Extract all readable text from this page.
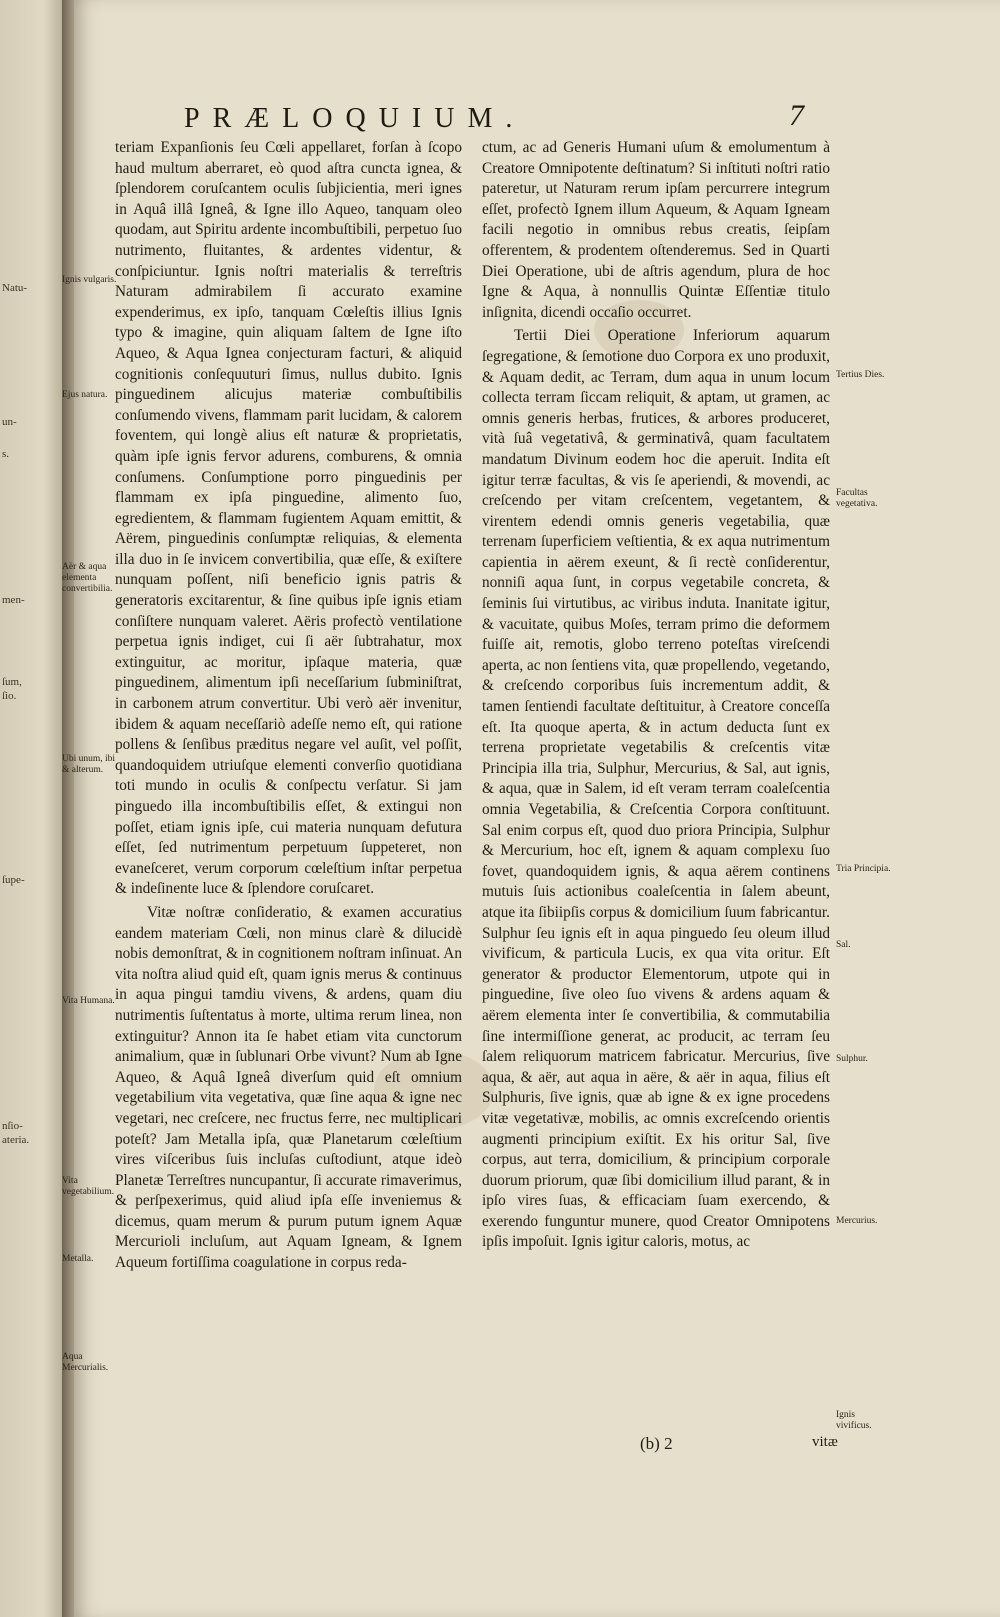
Natu-
un-
s.
men-
ſum,
ſio.
ſupe-
nſio-
ateria.
PRÆLOQUIUM.	7

teriam Expanſionis ſeu Cœli appellaret, forſan à ſcopo haud multum aberraret, eò quod aſtra cuncta ignea, & ſplendorem coruſcantem oculis ſubjicientia, meri ignes in Aquâ illâ Igneâ, & Igne illo Aqueo, tanquam oleo quodam, aut Spiritu ardente incombuſtibili, perpetuo ſuo nutrimento, fluitantes, & ardentes videntur, & conſpiciuntur. Ignis noſtri materialis & terreſtris Naturam admirabilem ſi accurato examine expenderimus, ex ipſo, tanquam Cœleſtis illius Ignis typo & imagine, quin aliquam ſaltem de Igne iſto Aqueo, & Aqua Ignea conjecturam facturi, & aliquid cognitionis conſequuturi ſimus, nullus dubito. Ignis pinguedinem alicujus materiæ combuſtibilis conſumendo vivens, flammam parit lucidam, & calorem foventem, qui longè alius eſt naturæ & proprietatis, quàm ipſe ignis fervor adurens, comburens, & omnia conſumens. Conſumptione porro pinguedinis per flammam ex ipſa pinguedine, alimento ſuo, egredientem, & flammam fugientem Aquam emittit, & Aërem, pinguedinis conſumptæ reliquias, & elementa illa duo in ſe invicem convertibilia, quæ eſſe, & exiſtere nunquam poſſent, niſi beneficio ignis patris & generatoris excitarentur, & ſine quibus ipſe ignis etiam conſiſtere nunquam valeret. Aëris profectò ventilatione perpetua ignis indiget, cui ſi aër ſubtrahatur, mox extinguitur, ac moritur, ipſaque materia, quæ pinguedinem, alimentum ipſi neceſſarium ſubminiſtrat, in carbonem atrum convertitur. Ubi verò aër invenitur, ibidem & aquam neceſſariò adeſſe nemo eſt, qui ratione pollens & ſenſibus præditus negare vel auſit, vel poſſit, quandoquidem utriuſque elementi converſio quotidiana toti mundo in oculis & conſpectu verſatur. Si jam pinguedo illa incombuſtibilis eſſet, & extingui non poſſet, etiam ignis ipſe, cui materia nunquam defutura eſſet, ſed nutrimentum perpetuum ſuppeteret, non evaneſceret, verum corporum cœleſtium inſtar perpetua & indeſinente luce & ſplendore coruſcaret.

Vitæ noſtræ conſideratio, & examen accuratius eandem materiam Cœli, non minus clarè & dilucidè nobis demonſtrat, & in cognitionem noſtram inſinuat. An vita noſtra aliud quid eſt, quam ignis merus & continuus in aqua pingui tamdiu vivens, & ardens, quam diu nutrimentis ſuſtentatus à morte, ultima rerum linea, non extinguitur? Annon ita ſe habet etiam vita cunctorum animalium, quæ in ſublunari Orbe vivunt? Num ab Igne Aqueo, & Aquâ Igneâ diverſum quid eſt omnium vegetabilium vita vegetativa, quæ ſine aqua & igne nec vegetari, nec creſcere, nec fructus ferre, nec multiplicari poteſt? Jam Metalla ipſa, quæ Planetarum cœleſtium vires viſceribus ſuis incluſas cuſtodiunt, atque ideò Planetæ Terreſtres nuncupantur, ſi accurate rimaverimus, & perſpexerimus, quid aliud ipſa eſſe inveniemus & dicemus, quam merum & purum putum ignem Aquæ Mercurioli incluſum, aut Aquam Igneam, & Ignem Aqueum fortiſſima coagulatione in corpus reda-

ctum, ac ad Generis Humani uſum & emolumentum à Creatore Omnipotente deſtinatum? Si inſtituti noſtri ratio pateretur, ut Naturam rerum ipſam percurrere integrum eſſet, profectò Ignem illum Aqueum, & Aquam Igneam facili negotio in omnibus rebus creatis, ſeipſam offerentem, & prodentem oſtenderemus. Sed in Quarti Diei Operatione, ubi de aſtris agendum, plura de hoc Igne & Aqua, à nonnullis Quintæ Eſſentiæ titulo inſignita, dicendi occaſio occurret.

Tertii Diei Operatione Inferiorum aquarum ſegregatione, & ſemotione duo Corpora ex uno produxit, & Aquam dedit, ac Terram, dum aqua in unum locum collecta terram ſiccam reliquit, & aptam, ut gramen, ac omnis generis herbas, frutices, & arbores produceret, vità ſuâ vegetativâ, & germinativâ, quam facultatem mandatum Divinum eodem hoc die aperuit. Indita eſt igitur terræ facultas, & vis ſe aperiendi, & movendi, ac creſcendo per vitam creſcentem, vegetantem, & virentem edendi omnis generis vegetabilia, quæ terrenam ſuperficiem veſtientia, & ex aqua nutrimentum capientia in aërem exeunt, & ſi rectè conſiderentur, nonniſi aqua ſunt, in corpus vegetabile concreta, & ſeminis ſui virtutibus, ac viribus induta. Inanitate igitur, & vacuitate, quibus Moſes, terram primo die deformem fuiſſe ait, remotis, globo terreno poteſtas vireſcendi aperta, ac non ſentiens vita, quæ propellendo, vegetando, & creſcendo corporibus ſuis incrementum addit, & tamen ſentiendi facultate deſtituitur, à Creatore conceſſa eſt. Ita quoque aperta, & in actum deducta ſunt ex terrena proprietate vegetabilis & creſcentis vitæ Principia illa tria, Sulphur, Mercurius, & Sal, aut ignis, & aqua, quæ in Salem, id eſt veram terram coaleſcentia omnia Vegetabilia, & Creſcentia Corpora conſtituunt. Sal enim corpus eſt, quod duo priora Principia, Sulphur & Mercurium, hoc eſt, ignem & aquam complexu ſuo fovet, quandoquidem ignis, & aqua aërem continens mutuis ſuis actionibus coaleſcentia in ſalem abeunt, atque ita ſibiipſis corpus & domicilium ſuum fabricantur. Sulphur ſeu ignis eſt in aqua pinguedo ſeu oleum illud vivificum, & particula Lucis, ex qua vita oritur. Eſt generator & productor Elementorum, utpote qui in pinguedine, ſive oleo ſuo vivens & ardens aquam & aërem elementa inter ſe convertibilia, & commutabilia ſine intermiſſione generat, ac producit, ac terram ſeu ſalem reliquorum matricem fabricatur. Mercurius, ſive aqua, & aër, aut aqua in aëre, & aër in aqua, filius eſt Sulphuris, ſive ignis, quæ ab igne & ex igne procedens vitæ vegetativæ, mobilis, ac omnis excreſcendo orientis augmenti principium exiſtit. Ex his oritur Sal, ſive corpus, aut terra, domicilium, & principium corporale duorum priorum, quæ ſibi domicilium illud parant, & in ipſo vires ſuas, & efficaciam ſuam exercendo, & exerendo funguntur munere, quod Creator Omnipotens ipſis impoſuit. Ignis igitur caloris, motus, ac

Ignis vulgaris.
Ejus natura.
Aër & aqua elementa convertibilia.
Ubi unum, ibi & alterum.
Vita Humana.
Vita vegetabilium.
Metalla.
Aqua Mercurialis.
Tertius Dies.
Facultas vegetativa.
Tria Principia.
Sal.
Sulphur.
Mercurius.
Ignis vivificus.
(b) 2	vitæ
